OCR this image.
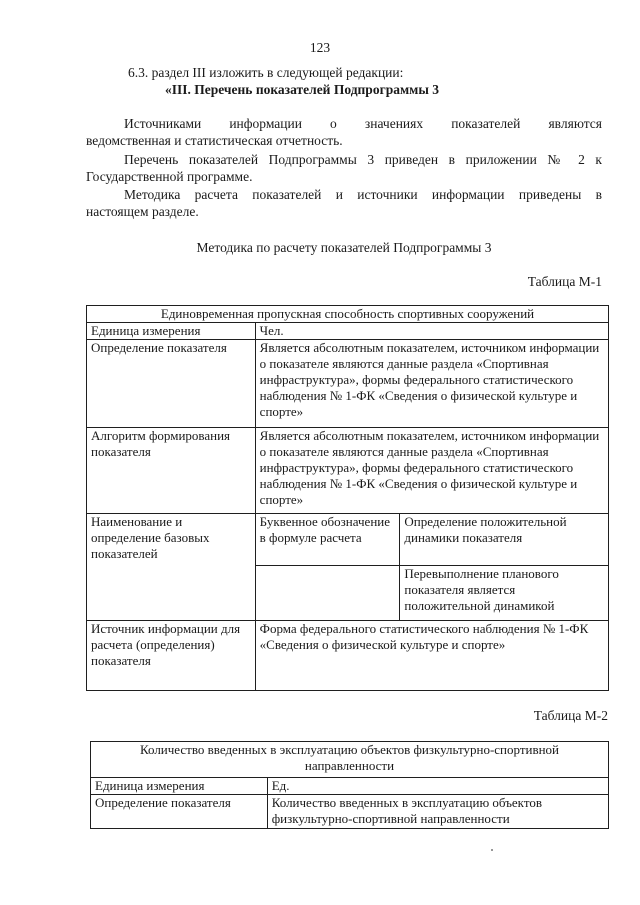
123
6.3. раздел III изложить в следующей редакции:
«III. Перечень показателей Подпрограммы 3
Источниками информации о значениях показателей являются
ведомственная и статистическая отчетность.
Перечень показателей Подпрограммы 3 приведен в приложении № 2 к
Государственной программе.
Методика расчета показателей и источники информации приведены в
настоящем разделе.
Методика по расчету показателей Подпрограммы 3
Таблица М-1
Единовременная пропускная способность спортивных сооружений		
Единица измерения	Чел.	
Определение показателя	Является абсолютным показателем, источником информации о показателе являются данные раздела «Спортивная инфраструктура», формы федерального статистического наблюдения № 1-ФК «Сведения о физической культуре и спорте»	
Алгоритм формирования показателя	Является абсолютным показателем, источником информации о показателе являются данные раздела «Спортивная инфраструктура», формы федерального статистического наблюдения № 1-ФК «Сведения о физической культуре и спорте»	
Наименование и определение базовых показателей	Буквенное обозначение в формуле расчета	Определение положительной динамики показателя
		Перевыполнение планового показателя является положительной динамикой
Источник информации для расчета (определения) показателя	Форма федерального статистического наблюдения № 1-ФК «Сведения о физической культуре и спорте»	
Таблица М-2
Количество введенных в эксплуатацию объектов физкультурно-спортивной направленности	
Единица измерения	Ед.
Определение показателя	Количество введенных в эксплуатацию объектов физкультурно-спортивной направленности
